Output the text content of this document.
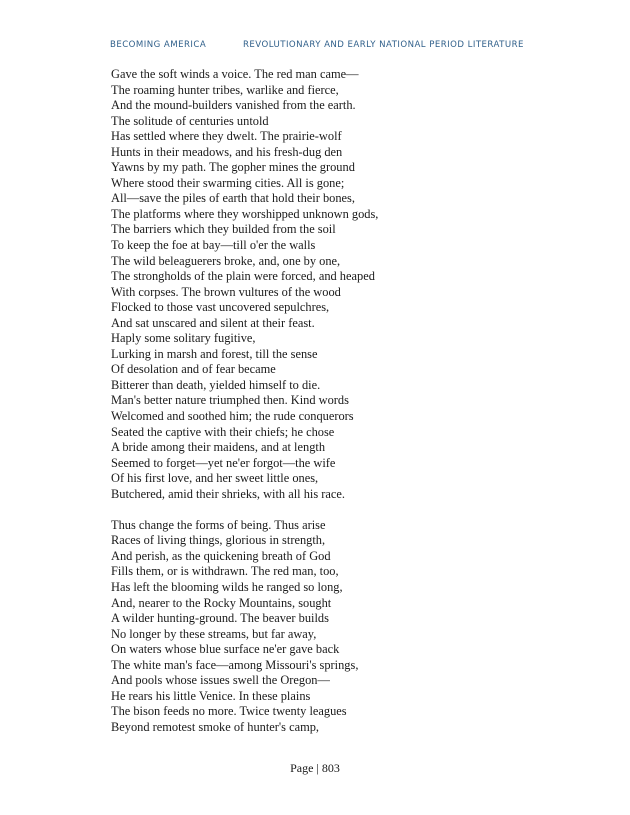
BECOMING AMERICA	REVOLUTIONARY AND EARLY NATIONAL PERIOD LITERATURE
Gave the soft winds a voice. The red man came—
The roaming hunter tribes, warlike and fierce,
And the mound-builders vanished from the earth.
The solitude of centuries untold
Has settled where they dwelt. The prairie-wolf
Hunts in their meadows, and his fresh-dug den
Yawns by my path. The gopher mines the ground
Where stood their swarming cities. All is gone;
All—save the piles of earth that hold their bones,
The platforms where they worshipped unknown gods,
The barriers which they builded from the soil
To keep the foe at bay—till o'er the walls
The wild beleaguerers broke, and, one by one,
The strongholds of the plain were forced, and heaped
With corpses. The brown vultures of the wood
Flocked to those vast uncovered sepulchres,
And sat unscared and silent at their feast.
Haply some solitary fugitive,
Lurking in marsh and forest, till the sense
Of desolation and of fear became
Bitterer than death, yielded himself to die.
Man's better nature triumphed then. Kind words
Welcomed and soothed him; the rude conquerors
Seated the captive with their chiefs; he chose
A bride among their maidens, and at length
Seemed to forget—yet ne'er forgot—the wife
Of his first love, and her sweet little ones,
Butchered, amid their shrieks, with all his race.
Thus change the forms of being. Thus arise
Races of living things, glorious in strength,
And perish, as the quickening breath of God
Fills them, or is withdrawn. The red man, too,
Has left the blooming wilds he ranged so long,
And, nearer to the Rocky Mountains, sought
A wilder hunting-ground. The beaver builds
No longer by these streams, but far away,
On waters whose blue surface ne'er gave back
The white man's face—among Missouri's springs,
And pools whose issues swell the Oregon—
He rears his little Venice. In these plains
The bison feeds no more. Twice twenty leagues
Beyond remotest smoke of hunter's camp,
Page | 803
